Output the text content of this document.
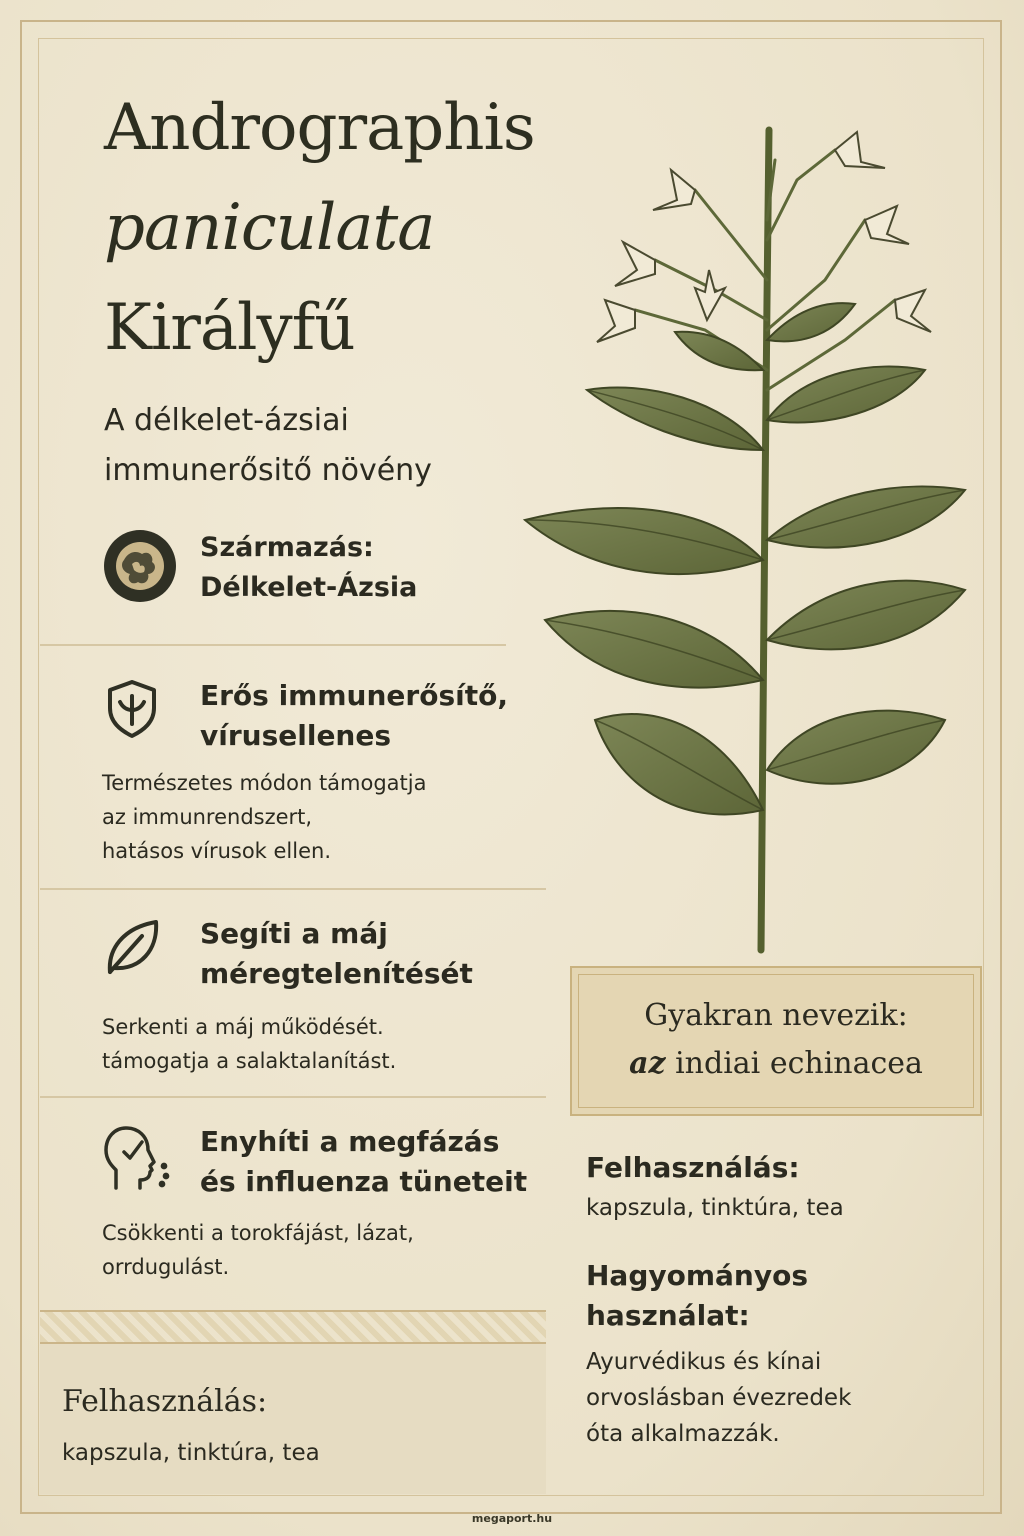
Andrographis
paniculata
Királyfű
A délkelet-ázsiai
immunerősitő növény
Származás:
Délkelet-Ázsia
Erős immunerősítő,
vírusellenes
Természetes módon támogatja
az immunrendszert,
hatásos vírusok ellen.
Segíti a máj
méregtelenítését
Serkenti a máj működését.
támogatja a salaktalanítást.
Enyhíti a megfázás
és influenza tüneteit
Csökkenti a torokfájást, lázat,
orrdugulást.
Felhasználás:
kapszula, tinktúra, tea
Gyakran nevezik:
az indiai echinacea
Felhasználás:
kapszula, tinktúra, tea
Hagyományos
használat:
Ayurvédikus és kínai
orvoslásban évezredek
óta alkalmazzák.
megaport.hu
